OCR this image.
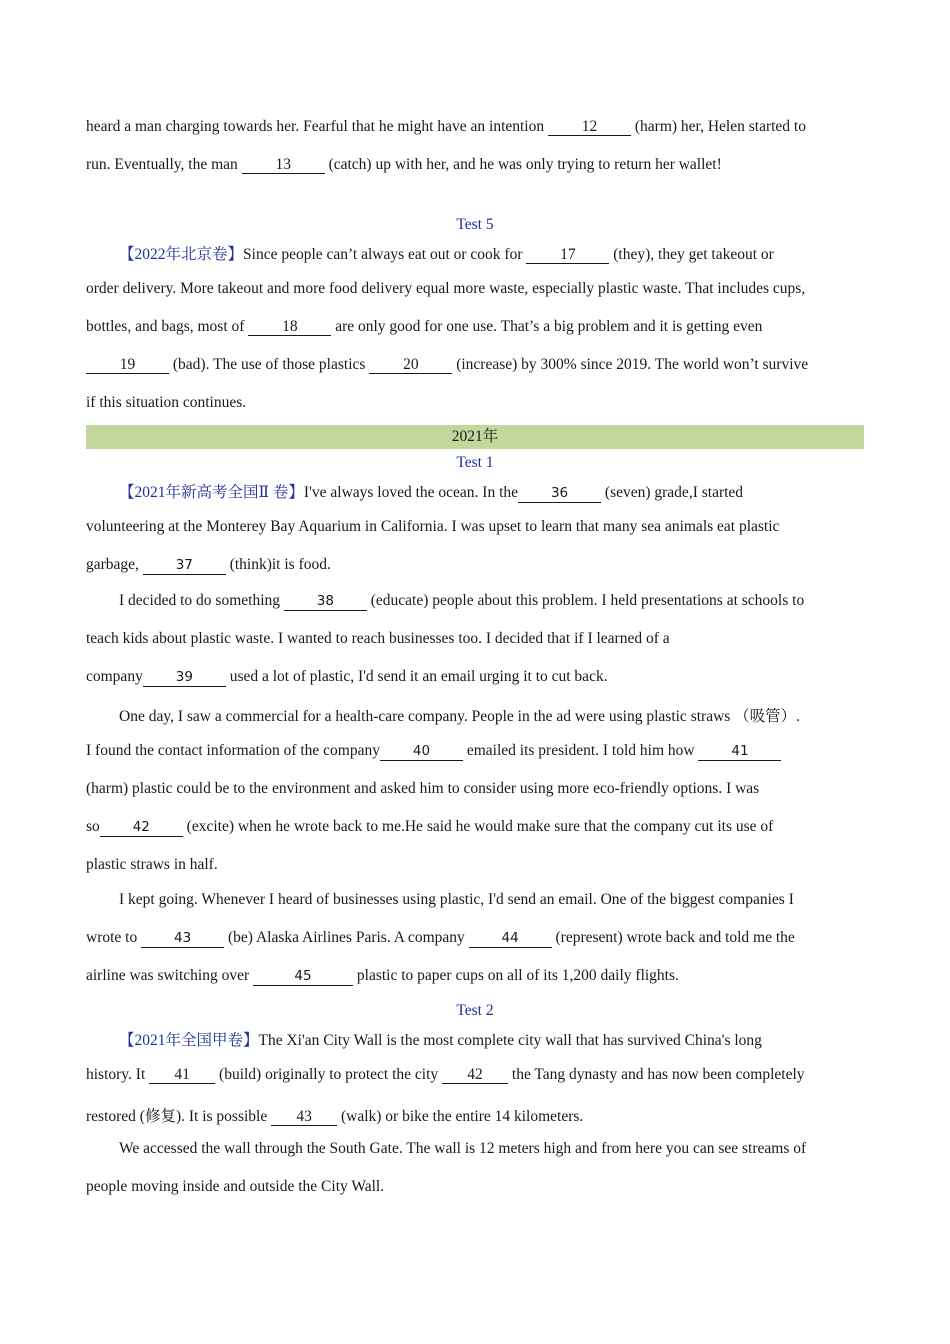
heard a man charging towards her. Fearful that he might have an intention 12 (harm) her, Helen started to
run. Eventually, the man 13 (catch) up with her, and he was only trying to return her wallet!
Test 5
【2022年北京卷】Since people can’t always eat out or cook for 17 (they), they get takeout or
order delivery. More takeout and more food delivery equal more waste, especially plastic waste. That includes cups,
bottles, and bags, most of 18 are only good for one use. That’s a big problem and it is getting even
19 (bad). The use of those plastics 20 (increase) by 300% since 2019. The world won’t survive
if this situation continues.
2021年
Test 1
【2021年新高考全国Ⅱ 卷】I've always loved the ocean. In the 36 (seven) grade,I started
volunteering at the Monterey Bay Aquarium in California. I was upset to learn that many sea animals eat plastic
garbage, 37 (think)it is food.
I decided to do something 38 (educate) people about this problem. I held presentations at schools to
teach kids about plastic waste. I wanted to reach businesses too. I decided that if I learned of a
company 39 used a lot of plastic, I'd send it an email urging it to cut back.
One day, I saw a commercial for a health-care company. People in the ad were using plastic straws （吸管）.
I found the contact information of the company 40 emailed its president. I told him how 41
(harm) plastic could be to the environment and asked him to consider using more eco-friendly options. I was
so 42 (excite) when he wrote back to me.He said he would make sure that the company cut its use of
plastic straws in half.
I kept going. Whenever I heard of businesses using plastic, I'd send an email. One of the biggest companies I
wrote to 43 (be) Alaska Airlines Paris. A company 44 (represent) wrote back and told me the
airline was switching over	45	plastic to paper cups on all of its 1,200 daily flights.
Test 2
【2021年全国甲卷】The Xi'an City Wall is the most complete city wall that has survived China's long
history. It 41 (build) originally to protect the city 42 the Tang dynasty and has now been completely
restored (修复). It is possible 43 (walk) or bike the entire 14 kilometers.
We accessed the wall through the South Gate. The wall is 12 meters high and from here you can see streams of
people moving inside and outside the City Wall.
